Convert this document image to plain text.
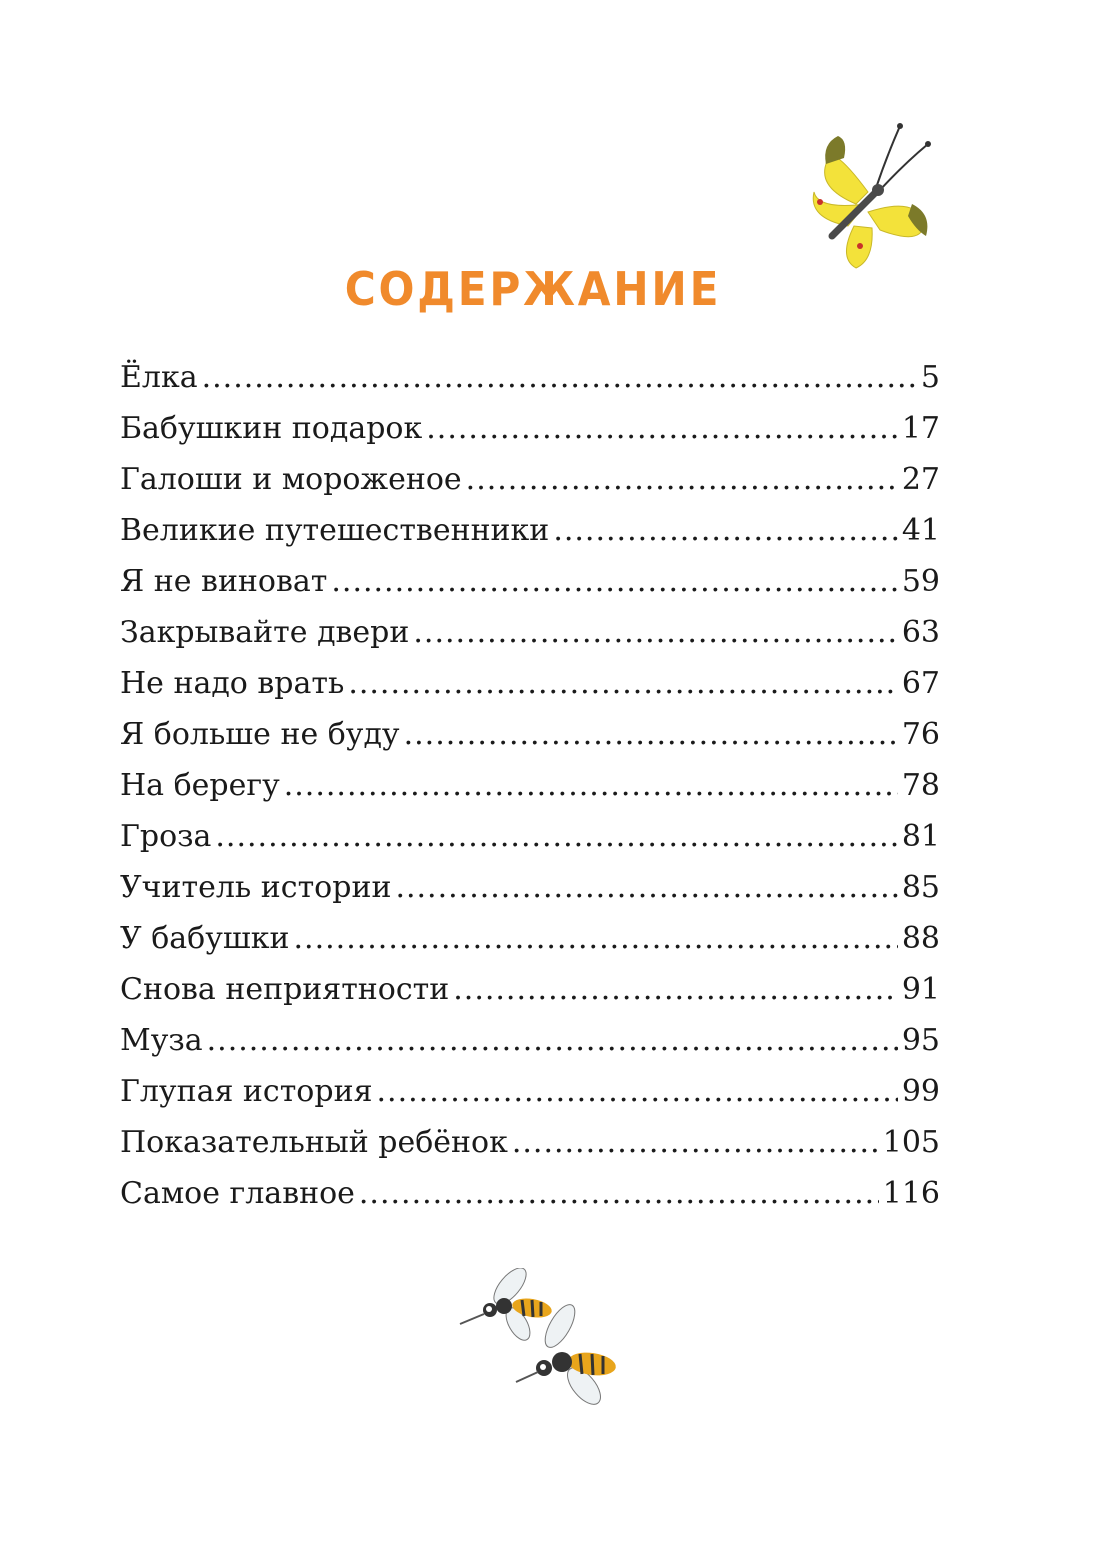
СОДЕРЖАНИЕ
Ёлка .....	5
Бабушкин подарок .....	17
Галоши и мороженое .....	27
Великие путешественники .....	41
Я не виноват .....	59
Закрывайте двери .....	63
Не надо врать .....	67
Я больше не буду .....	76
На берегу .....	78
Гроза .....	81
Учитель истории .....	85
У бабушки .....	88
Снова неприятности .....	91
Муза .....	95
Глупая история .....	99
Показательный ребёнок .....	105
Самое главное .....	116
